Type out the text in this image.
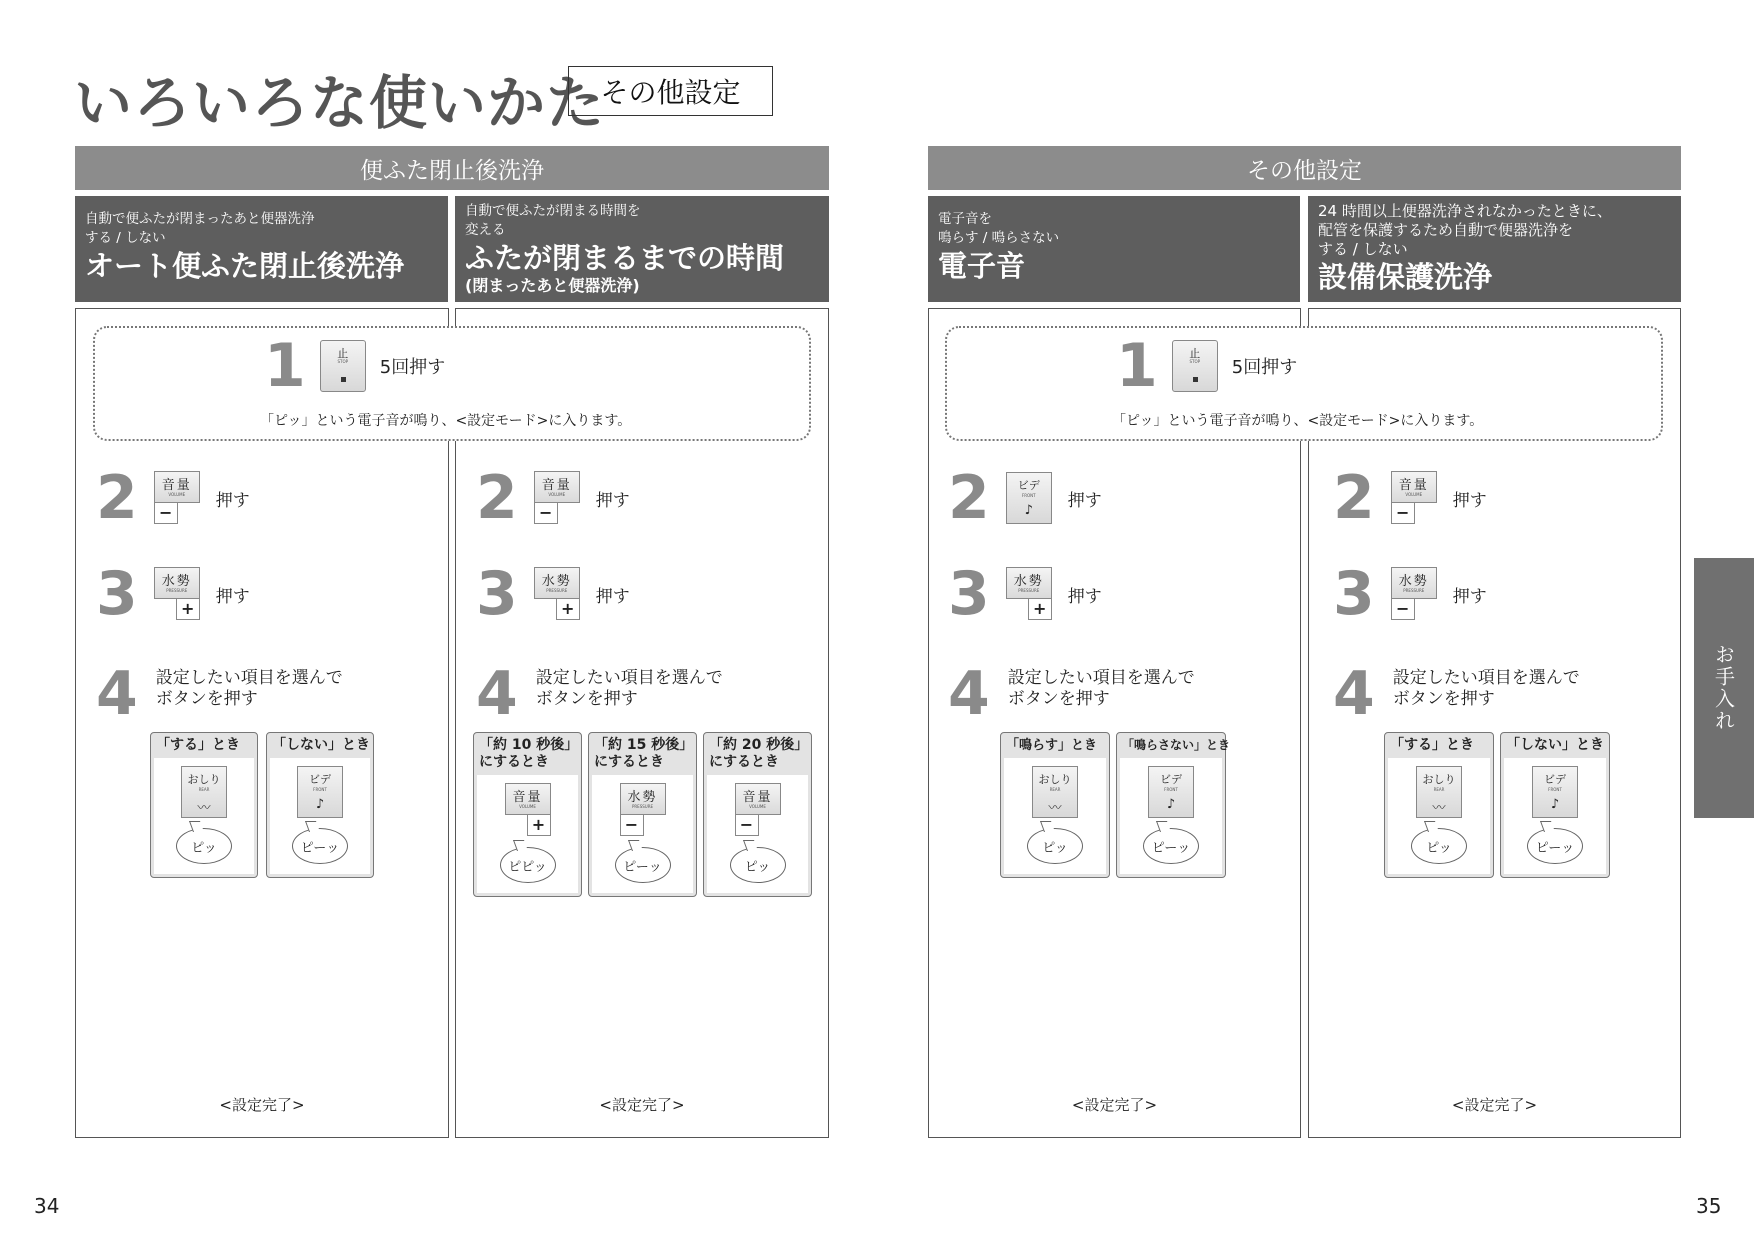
いろいろな使いかた
その他設定
便ふた閉止後洗浄	その他設定
自動で便ふたが閉まったあと便器洗浄
する / しない
オート便ふた閉止後洗浄
自動で便ふたが閉まる時間を
変える
ふたが閉まるまでの時間
(閉まったあと便器洗浄)
電子音を
鳴らす / 鳴らさない
電子音
24 時間以上便器洗浄されなかったときに、
配管を保護するため自動で便器洗浄を
する / しない
設備保護洗浄
1	止
STOP	5回押す
「ピッ」という電子音が鳴り、<設定モード>に入ります。
1	止
STOP	5回押す
「ピッ」という電子音が鳴り、<設定モード>に入ります。
2	音量
VOLUME
−
押す
3	水勢
PRESSURE
+
押す
4 設定したい項目を選んで
ボタンを押す
「する」とき
おしり
REAR
〰
ピッ
「しない」とき
ビデ
FRONT
♪
ピーッ
<設定完了>
2	音量
VOLUME
−
押す
3	水勢
PRESSURE
+
押す
4 設定したい項目を選んで
ボタンを押す
「約 10 秒後」
にするとき
音量
VOLUME
+
ピピッ
「約 15 秒後」
にするとき
水勢
PRESSURE
−
ピーッ
「約 20 秒後」
にするとき
音量
VOLUME
−
ピッ
<設定完了>
2	ビデ
FRONT
♪	押す
3	水勢
PRESSURE
+
押す
4 設定したい項目を選んで
ボタンを押す
「鳴らす」とき
おしり
REAR
〰
ピッ
「鳴らさない」とき
ビデ
FRONT
♪
ピーッ
<設定完了>
2	音量
VOLUME
−
押す
3	水勢
PRESSURE
−
押す
4 設定したい項目を選んで
ボタンを押す
「する」とき
おしり
REAR
〰
ピッ
「しない」とき
ビデ
FRONT
♪
ピーッ
<設定完了>
お手入れ
34	35
